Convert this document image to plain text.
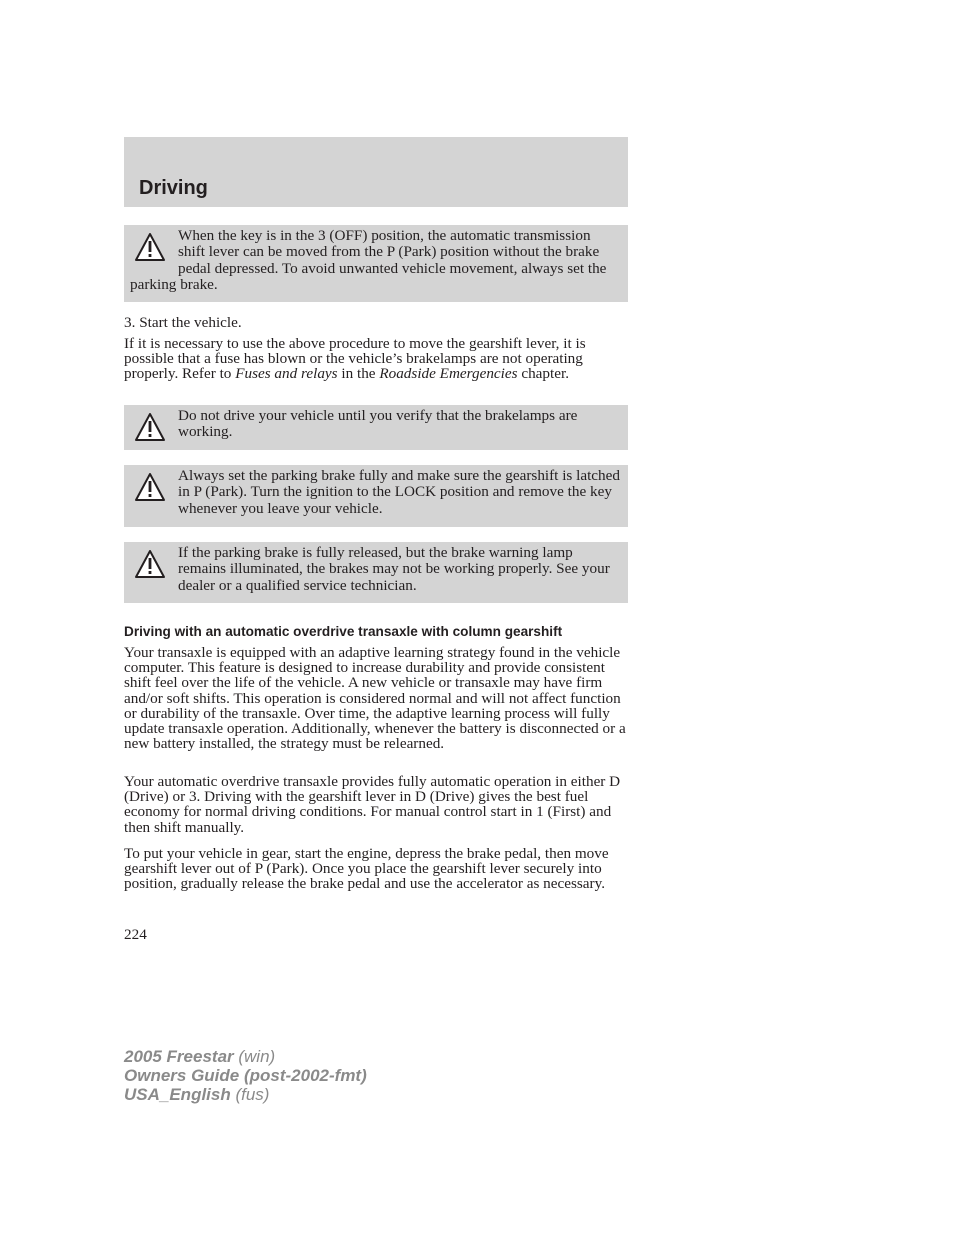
Driving
When the key is in the 3 (OFF) position, the automatic transmission shift lever can be moved from the P (Park) position without the brake pedal depressed. To avoid unwanted vehicle movement, always set the parking brake.

3. Start the vehicle.

If it is necessary to use the above procedure to move the gearshift lever, it is possible that a fuse has blown or the vehicle’s brakelamps are not operating properly. Refer to Fuses and relays in the Roadside Emergencies chapter.

Do not drive your vehicle until you verify that the brakelamps are working.
Always set the parking brake fully and make sure the gearshift is latched in P (Park). Turn the ignition to the LOCK position and remove the key whenever you leave your vehicle.
If the parking brake is fully released, but the brake warning lamp remains illuminated, the brakes may not be working properly. See your dealer or a qualified service technician.
Driving with an automatic overdrive transaxle with column gearshift

Your transaxle is equipped with an adaptive learning strategy found in the vehicle computer. This feature is designed to increase durability and provide consistent shift feel over the life of the vehicle. A new vehicle or transaxle may have firm and/or soft shifts. This operation is considered normal and will not affect function or durability of the transaxle. Over time, the adaptive learning process will fully update transaxle operation. Additionally, whenever the battery is disconnected or a new battery installed, the strategy must be relearned.

Your automatic overdrive transaxle provides fully automatic operation in either D (Drive) or 3. Driving with the gearshift lever in D (Drive) gives the best fuel economy for normal driving conditions. For manual control start in 1 (First) and then shift manually.

To put your vehicle in gear, start the engine, depress the brake pedal, then move gearshift lever out of P (Park). Once you place the gearshift lever securely into position, gradually release the brake pedal and use the accelerator as necessary.

224
2005 Freestar (win)
Owners Guide (post-2002-fmt)
USA_English (fus)
